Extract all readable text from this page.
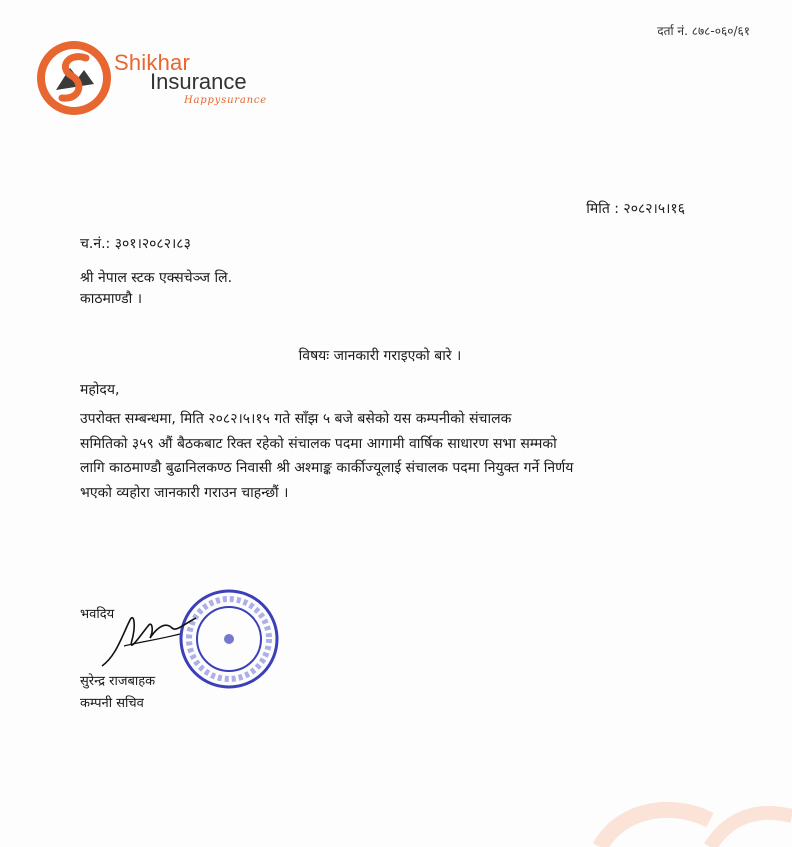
दर्ता नं. ८७८-०६०/६१
Shikhar
Insurance
Happysurance
मिति : २०८२।५।१६
च.नं.: ३०१।२०८२।८३
श्री नेपाल स्टक एक्सचेञ्ज लि.
काठमाण्डौ ।
विषयः जानकारी गराइएको बारे ।
महोदय,
उपरोक्त सम्बन्धमा, मिति २०८२।५।१५ गते साँझ ५ बजे बसेको यस कम्पनीको संचालक
समितिको ३५९ औं बैठकबाट रिक्त रहेको संचालक पदमा आगामी वार्षिक साधारण सभा सम्मको
लागि काठमाण्डौ बुढानिलकण्ठ निवासी श्री अश्माङ्क कार्कीज्यूलाई संचालक पदमा नियुक्त गर्ने निर्णय
भएको व्यहोरा जानकारी गराउन चाहन्छौं ।
भवदिय
सुरेन्द्र राजबाहक
कम्पनी सचिव
